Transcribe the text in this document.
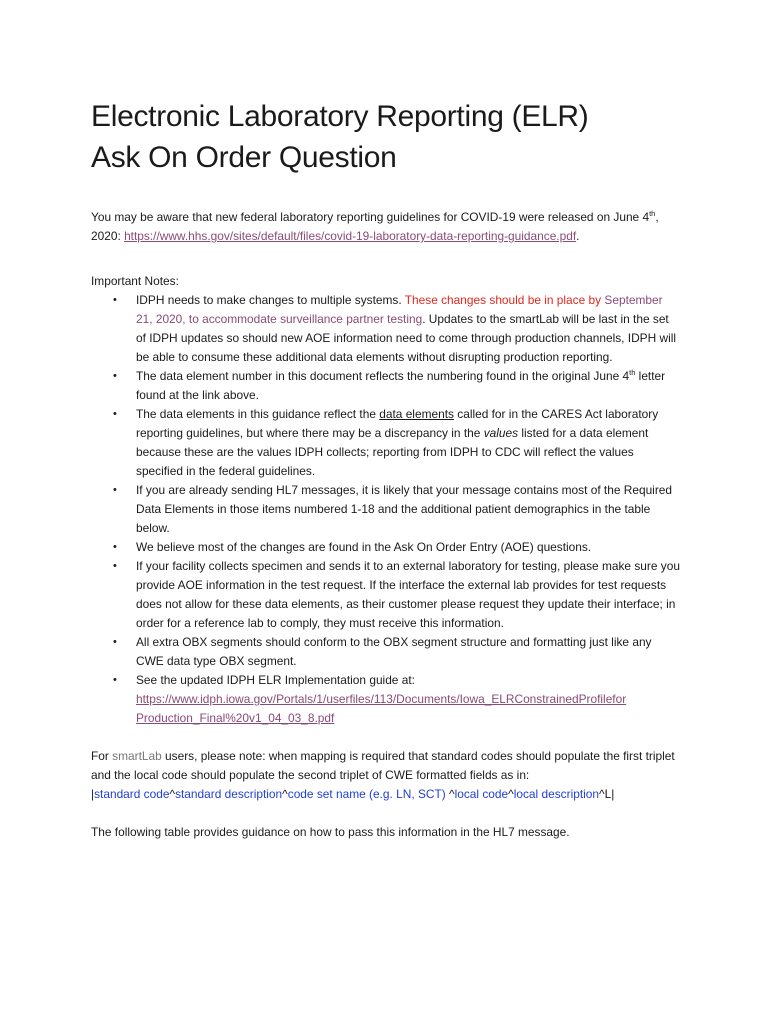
Electronic Laboratory Reporting (ELR)
Ask On Order Question

You may be aware that new federal laboratory reporting guidelines for COVID-19 were released on June 4th, 2020: https://www.hhs.gov/sites/default/files/covid-19-laboratory-data-reporting-guidance.pdf.

Important Notes:

• IDPH needs to make changes to multiple systems. These changes should be in place by September 21, 2020, to accommodate surveillance partner testing. Updates to the smartLab will be last in the set of IDPH updates so should new AOE information need to come through production channels, IDPH will be able to consume these additional data elements without disrupting production reporting.
• The data element number in this document reflects the numbering found in the original June 4th letter found at the link above.
• The data elements in this guidance reflect the data elements called for in the CARES Act laboratory reporting guidelines, but where there may be a discrepancy in the values listed for a data element because these are the values IDPH collects; reporting from IDPH to CDC will reflect the values specified in the federal guidelines.
• If you are already sending HL7 messages, it is likely that your message contains most of the Required Data Elements in those items numbered 1-18 and the additional patient demographics in the table below.
• We believe most of the changes are found in the Ask On Order Entry (AOE) questions.
• If your facility collects specimen and sends it to an external laboratory for testing, please make sure you provide AOE information in the test request. If the interface the external lab provides for test requests does not allow for these data elements, as their customer please request they update their interface; in order for a reference lab to comply, they must receive this information.
• All extra OBX segments should conform to the OBX segment structure and formatting just like any CWE data type OBX segment.
• See the updated IDPH ELR Implementation guide at:
https://www.idph.iowa.gov/Portals/1/userfiles/113/Documents/Iowa_ELRConstrainedProfilefor
Production_Final%20v1_04_03_8.pdf

For smartLab users, please note: when mapping is required that standard codes should populate the first triplet and the local code should populate the second triplet of CWE formatted fields as in:
|standard code^standard description^code set name (e.g. LN, SCT) ^local code^local description^L|

The following table provides guidance on how to pass this information in the HL7 message.
